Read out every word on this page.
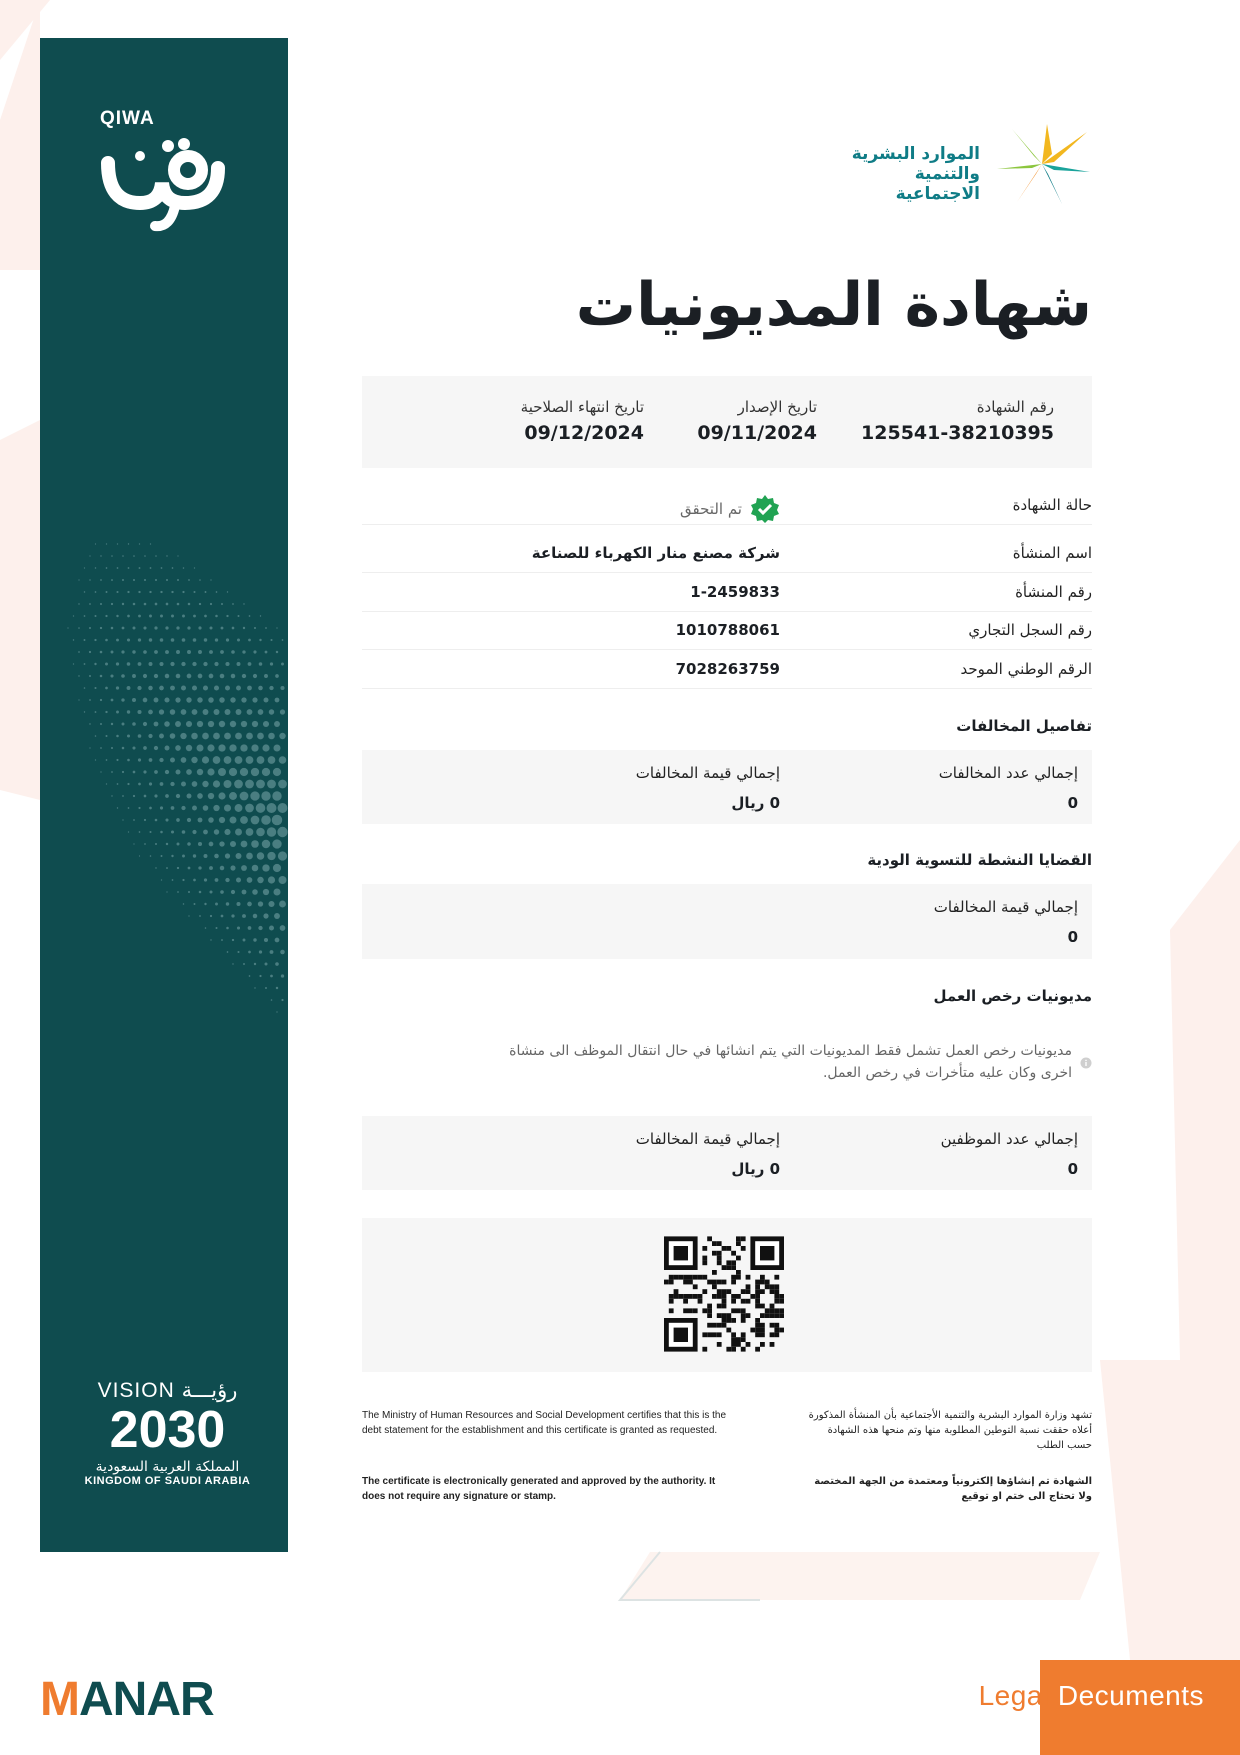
QIWA
VISION رؤيـــة
2030
المملكة العربية السعودية
KINGDOM OF SAUDI ARABIA
الموارد البشرية
والتنمية الاجتماعية
شهادة المديونيات
رقم الشهادة
125541-38210395
تاريخ الإصدار
09/11/2024
تاريخ انتهاء الصلاحية
09/12/2024
حالة الشهادة
تم التحقق
اسم المنشأة
شركة مصنع منار الكهرباء للصناعة
رقم المنشأة
1-2459833
رقم السجل التجاري
1010788061
الرقم الوطني الموحد
7028263759
تفاصيل المخالفات
إجمالي عدد المخالفات
0
إجمالي قيمة المخالفات
0 ريال
القضايا النشطة للتسوية الودية
إجمالي قيمة المخالفات
0
مديونيات رخص العمل
مديونيات رخص العمل تشمل فقط المديونيات التي يتم انشائها في حال انتقال الموظف الى منشاة اخرى وكان عليه متأخرات في رخص العمل.
إجمالي عدد الموظفين
0
إجمالي قيمة المخالفات
0 ريال
The Ministry of Human Resources and Social Development certifies that this is the debt statement for the establishment and this certificate is granted as requested.
The certificate is electronically generated and approved by the authority. It does not require any signature or stamp.
تشهد وزارة الموارد البشرية والتنمية الأجتماعية بأن المنشأة المذكورة أعلاه حققت نسبة التوطين المطلوبة منها وتم منحها هذه الشهادة حسب الطلب
الشهادة تم إنشاؤها إلكترونياً ومعتمدة من الجهة المختصة ولا تحتاج الى ختم او توقيع
MANAR	Legal Decuments
